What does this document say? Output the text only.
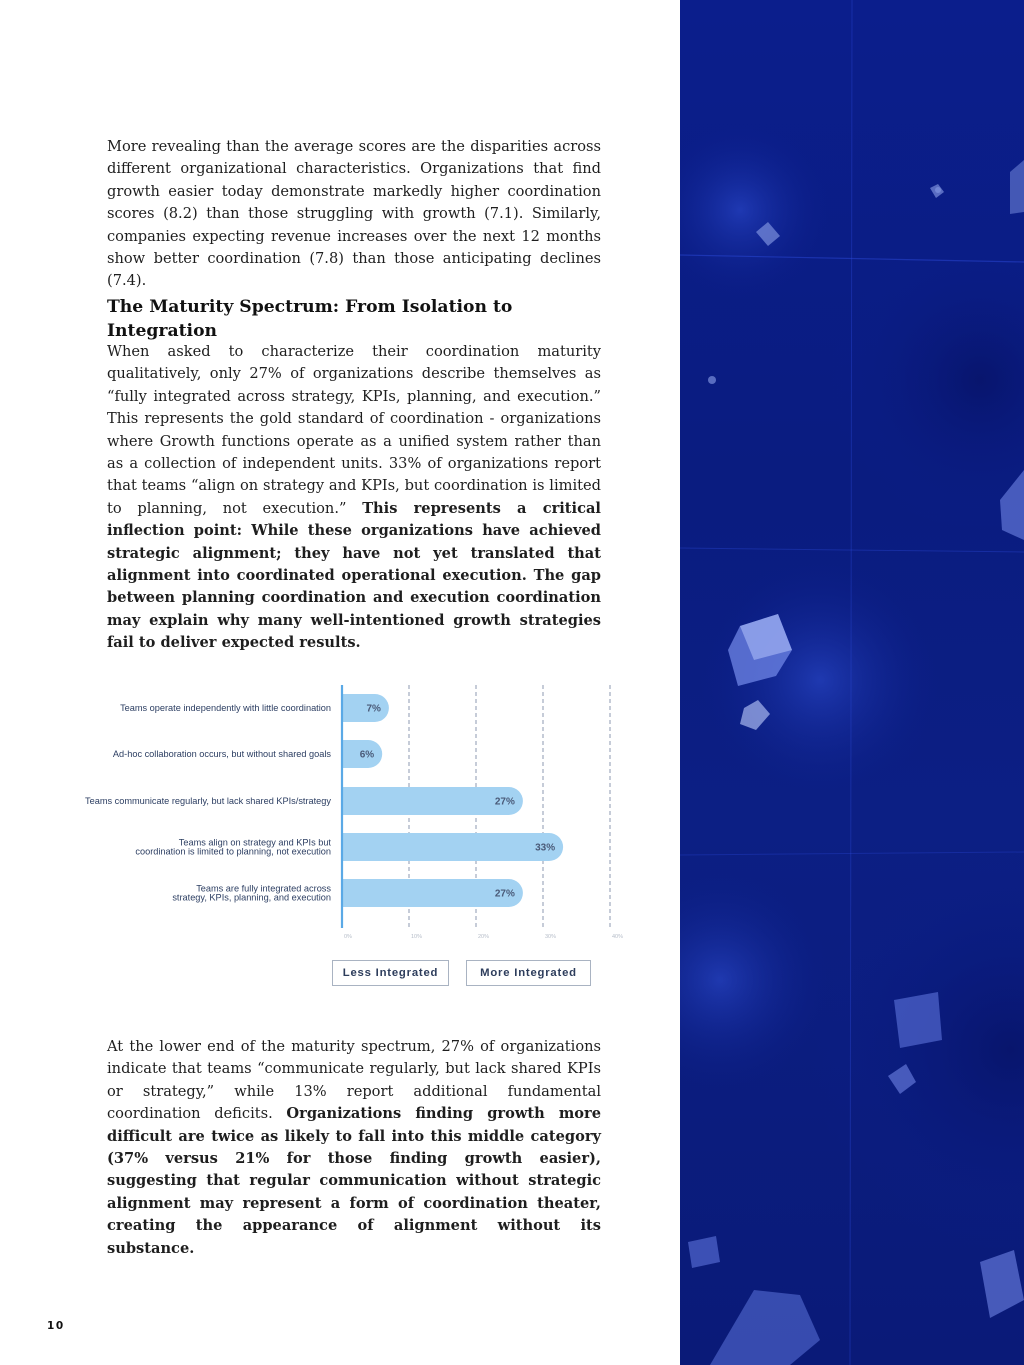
More revealing than the average scores are the disparities across different organizational characteristics. Organizations that find growth easier today demonstrate markedly higher coordination scores (8.2) than those struggling with growth (7.1). Similarly, companies expecting revenue increases over the next 12 months show better coordination (7.8) than those anticipating declines (7.4).

The Maturity Spectrum: From Isolation to Integration

When asked to characterize their coordination maturity qualitatively, only 27% of organizations describe themselves as “fully integrated across strategy, KPIs, planning, and execution.” This represents the gold standard of coordination - organizations where Growth functions operate as a unified system rather than as a collection of independent units. 33% of organizations report that teams “align on strategy and KPIs, but coordination is limited to planning, not execution.” This represents a critical inflection point: While these organizations have achieved strategic alignment; they have not yet translated that alignment into coordinated operational execution. The gap between planning coordination and execution coordination may explain why many well-intentioned growth strategies fail to deliver expected results.

0%	10%	20%	30%	40%
7%
Teams operate independently with little coordination
6%
Ad-hoc collaboration occurs, but without shared goals
27%
Teams communicate regularly, but lack shared KPIs/strategy
33%
Teams align on strategy and KPIs but
coordination is limited to planning, not execution
27%
Teams are fully integrated across
strategy, KPIs, planning, and execution
Less Integrated	More Integrated

At the lower end of the maturity spectrum, 27% of organizations indicate that teams “communicate regularly, but lack shared KPIs or strategy,” while 13% report additional fundamental coordination deficits. Organizations finding growth more difficult are twice as likely to fall into this middle category (37% versus 21% for those finding growth easier), suggesting that regular communication without strategic alignment may represent a form of coordination theater, creating the appearance of alignment without its substance.

10
